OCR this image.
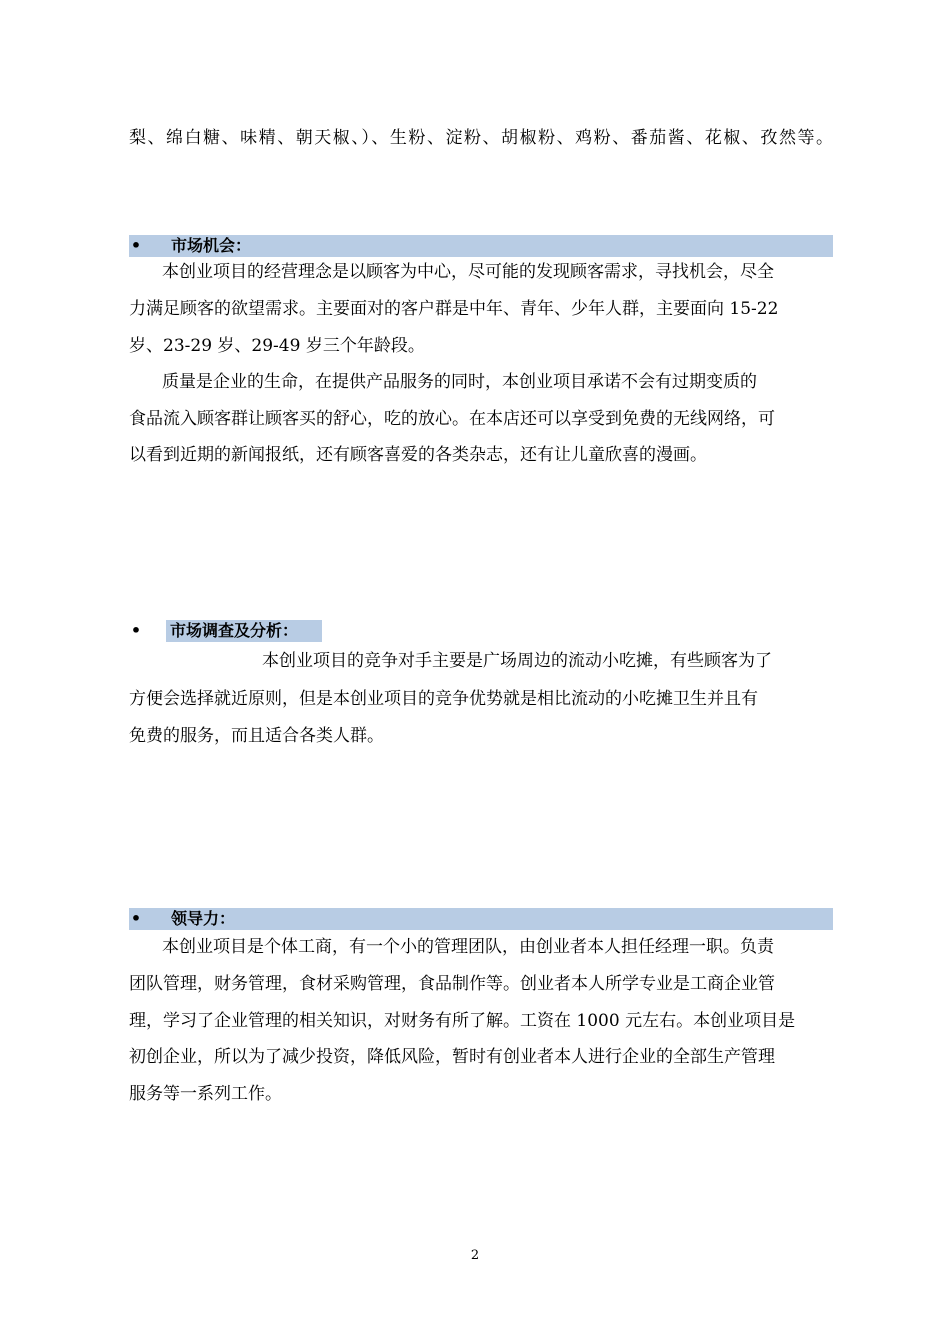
梨、绵白糖、味精、朝天椒、）、生粉、淀粉、胡椒粉、鸡粉、番茄酱、花椒、孜然等。
• 市场机会：
本创业项目的经营理念是以顾客为中心，尽可能的发现顾客需求，寻找机会，尽全
力满足顾客的欲望需求。主要面对的客户群是中年、青年、少年人群，主要面向 15-22
岁、23-29 岁、29-49 岁三个年龄段。
质量是企业的生命，在提供产品服务的同时，本创业项目承诺不会有过期变质的
食品流入顾客群让顾客买的舒心，吃的放心。在本店还可以享受到免费的无线网络，可
以看到近期的新闻报纸，还有顾客喜爱的各类杂志，还有让儿童欣喜的漫画。
• 市场调查及分析：
本创业项目的竞争对手主要是广场周边的流动小吃摊，有些顾客为了
方便会选择就近原则，但是本创业项目的竞争优势就是相比流动的小吃摊卫生并且有
免费的服务，而且适合各类人群。
• 领导力：
本创业项目是个体工商，有一个小的管理团队，由创业者本人担任经理一职。负责
团队管理，财务管理，食材采购管理，食品制作等。创业者本人所学专业是工商企业管
理，学习了企业管理的相关知识，对财务有所了解。工资在 1000 元左右。本创业项目是
初创企业，所以为了减少投资，降低风险，暂时有创业者本人进行企业的全部生产管理
服务等一系列工作。
2
